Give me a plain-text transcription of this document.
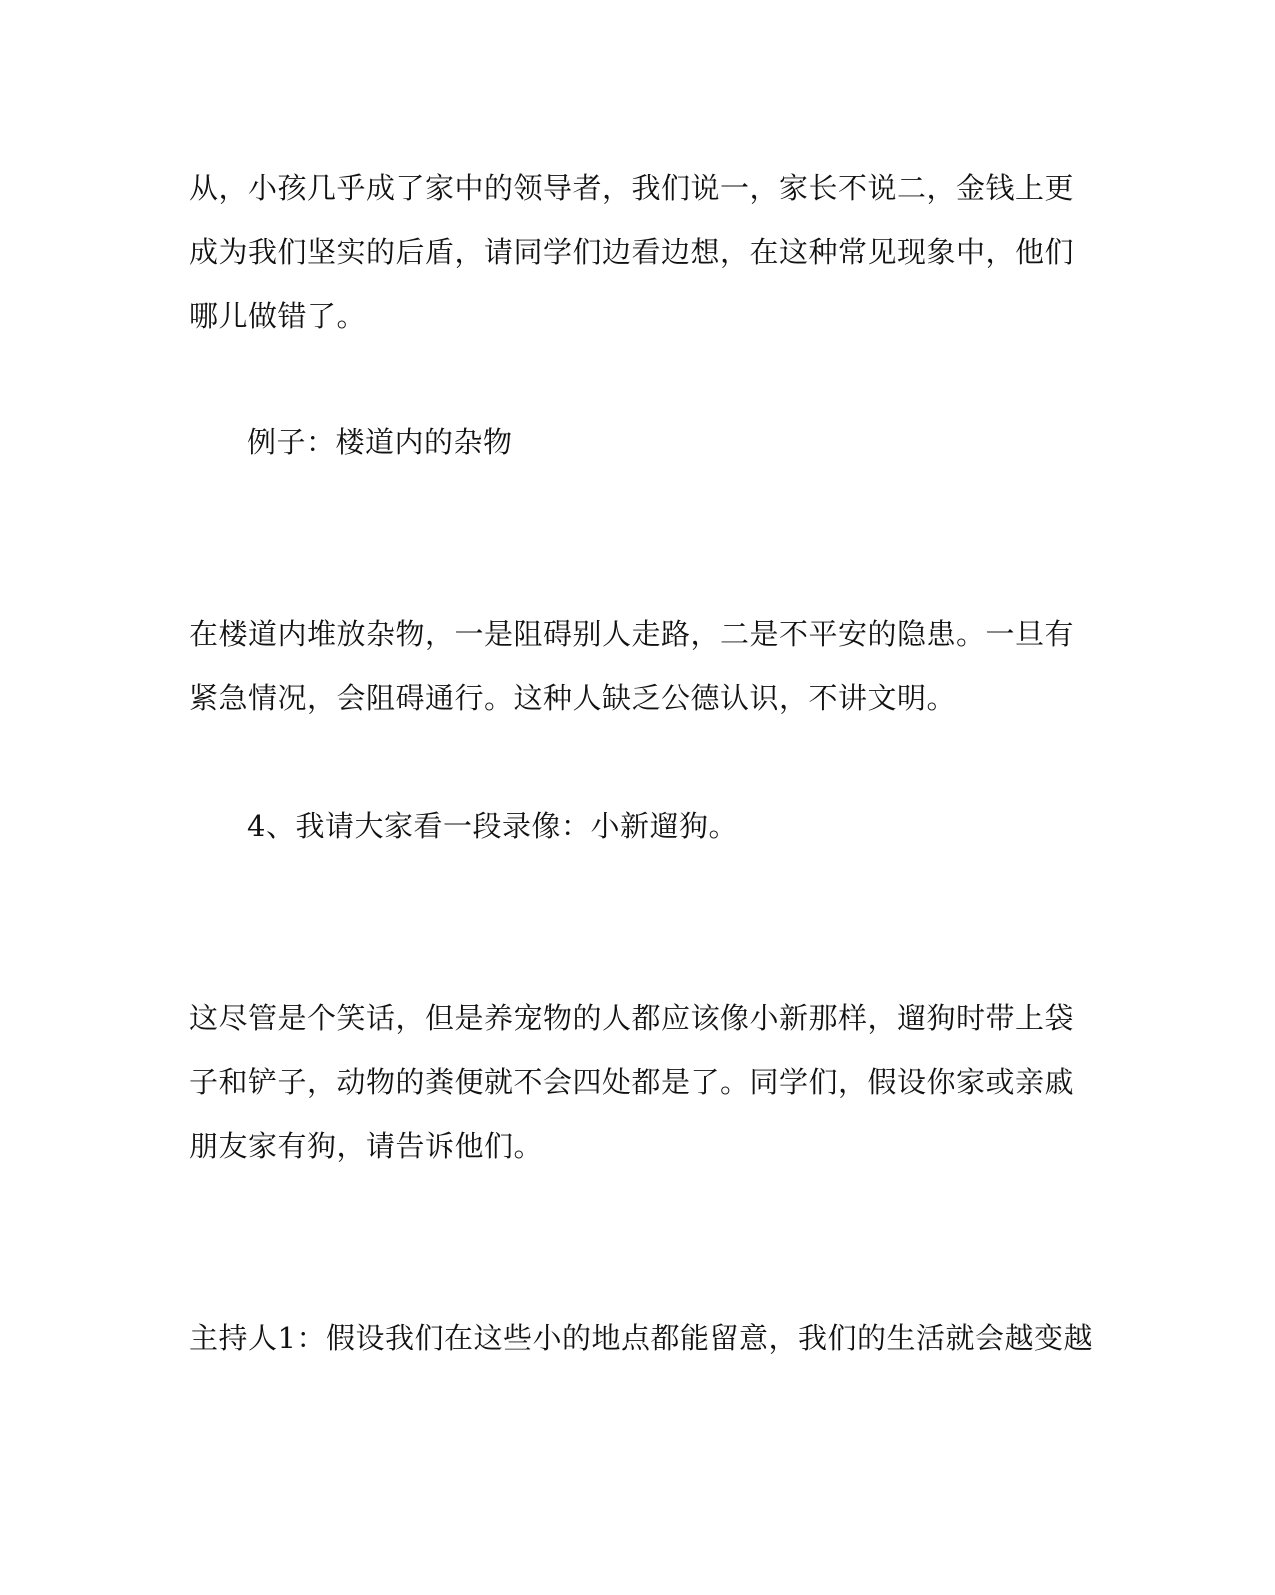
从，小孩几乎成了家中的领导者，我们说一，家长不说二，金钱上更
成为我们坚实的后盾，请同学们边看边想，在这种常见现象中，他们
哪儿做错了。
例子：楼道内的杂物
在楼道内堆放杂物，一是阻碍别人走路，二是不平安的隐患。一旦有
紧急情况，会阻碍通行。这种人缺乏公德认识，不讲文明。
4、我请大家看一段录像：小新遛狗。
这尽管是个笑话，但是养宠物的人都应该像小新那样，遛狗时带上袋
子和铲子，动物的粪便就不会四处都是了。同学们，假设你家或亲戚
朋友家有狗，请告诉他们。
主持人1：假设我们在这些小的地点都能留意，我们的生活就会越变越
